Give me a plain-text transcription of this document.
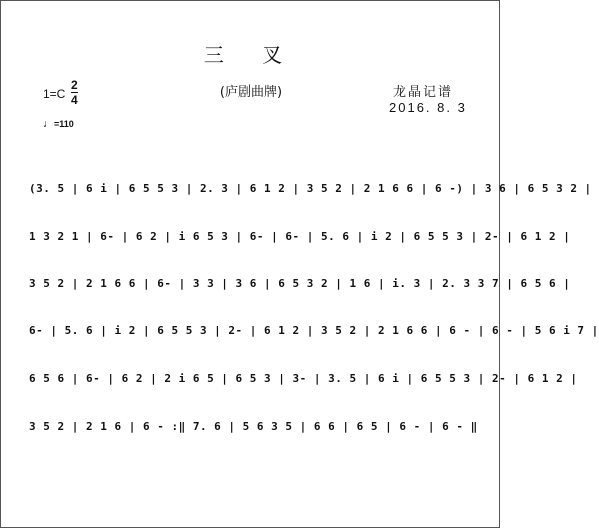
三 叉
(庐剧曲牌)	龙晶记谱
2016. 8. 3
1=C
2
4
♩=110
(3. 5 | 6 i | 6 5 5 3 | 2. 3 | 6 1 2 | 3 5 2 | 2 1 6 6 | 6 -) | 3 6 | 6 5 3 2 |
1 3 2 1 | 6- | 6 2 | i 6 5 3 | 6- | 6- | 5. 6 | i 2 | 6 5 5 3 | 2- | 6 1 2 |
3 5 2 | 2 1 6 6 | 6- | 3 3 | 3 6 | 6 5 3 2 | 1 6 | i. 3 | 2. 3 3 7 | 6 5 6 |
6- | 5. 6 | i 2 | 6 5 5 3 | 2- | 6 1 2 | 3 5 2 | 2 1 6 6 | 6 - | 6 - | 5 6 i 7 |
6 5 6 | 6- | 6 2 | 2 i 6 5 | 6 5 3 | 3- | 3. 5 | 6 i | 6 5 5 3 | 2- | 6 1 2 |
3 5 2 | 2 1 6 | 6 - :‖ 7. 6 | 5 6 3 5 | 6 6 | 6 5 | 6 - | 6 - ‖
